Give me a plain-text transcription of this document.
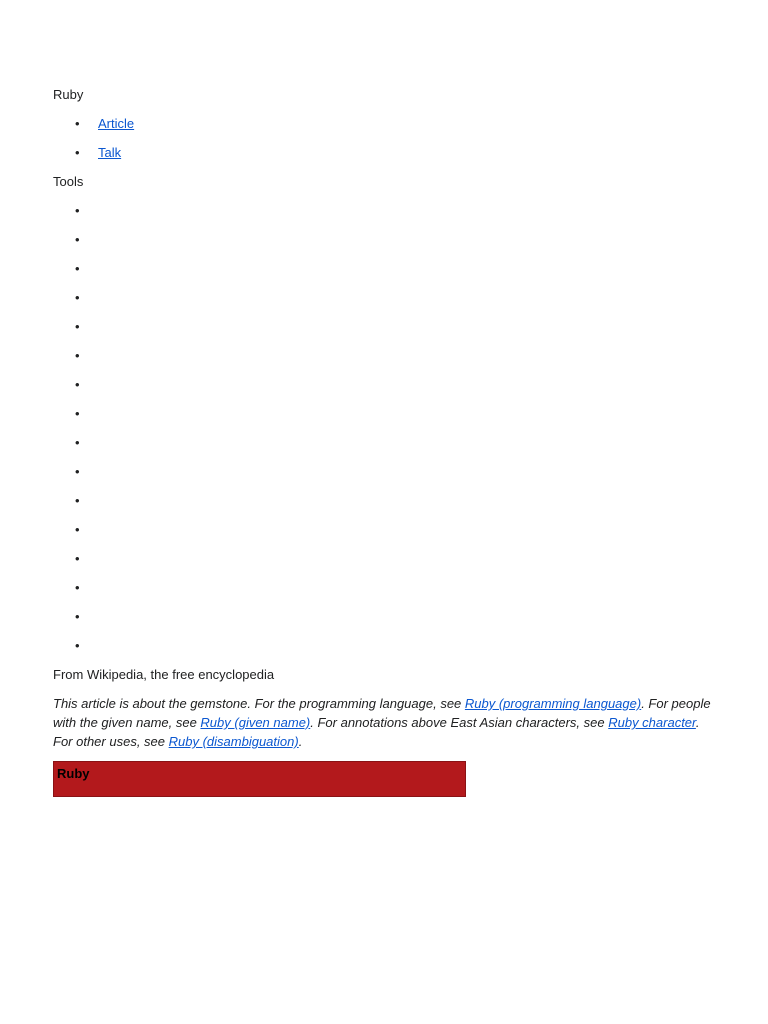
Ruby

• Article
• Talk

Tools

•
•
•
•
•
•
•
•
•
•
•
•
•
•
•
•

From Wikipedia, the free encyclopedia

This article is about the gemstone. For the programming language, see Ruby (programming language). For people with the given name, see Ruby (given name). For annotations above East Asian characters, see Ruby character. For other uses, see Ruby (disambiguation).

Ruby
